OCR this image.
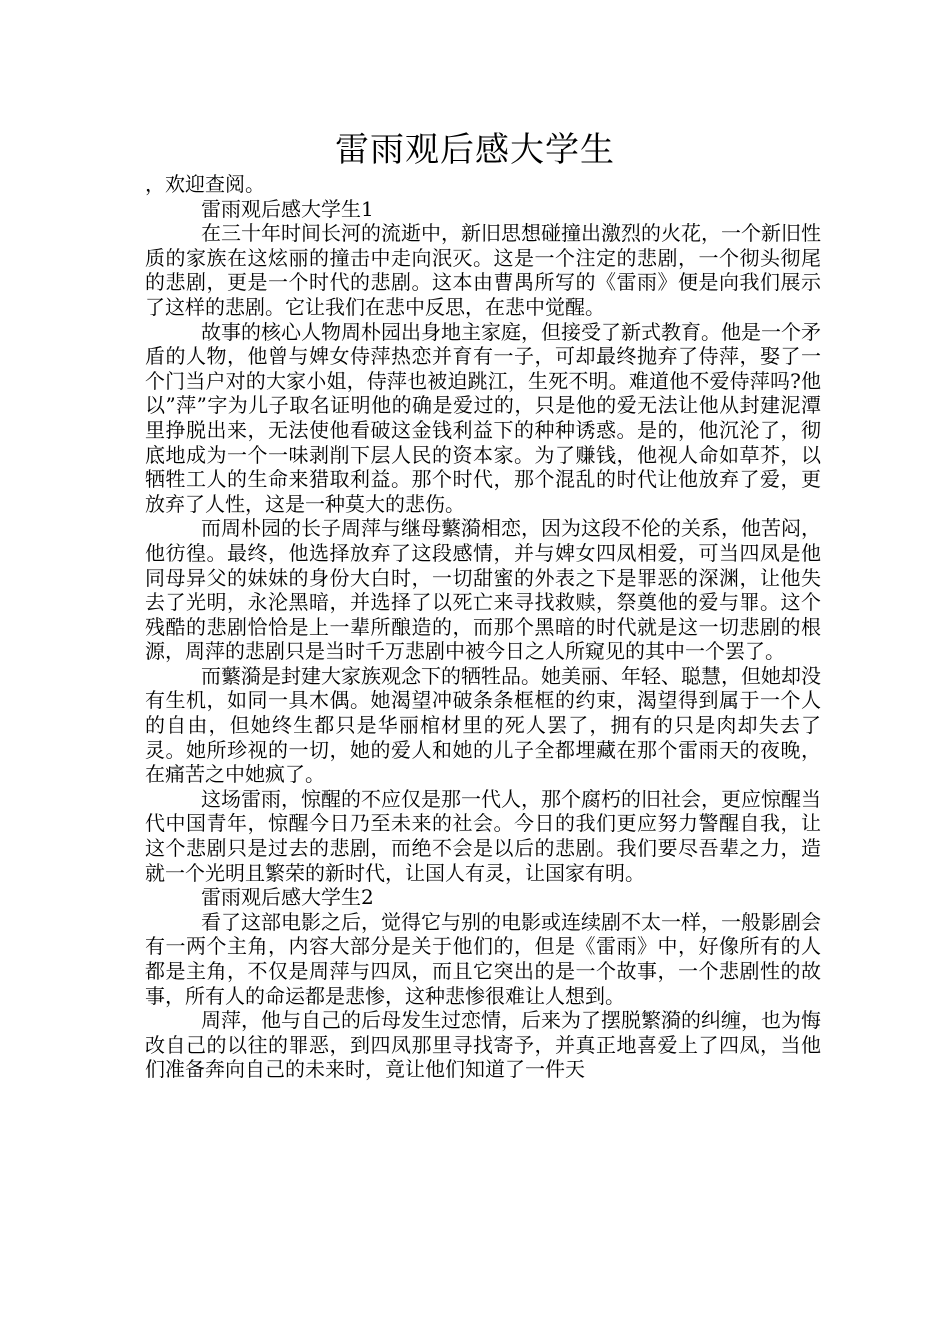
雷雨观后感大学生

，欢迎查阅。

雷雨观后感大学生1

在三十年时间长河的流逝中，新旧思想碰撞出激烈的火花，一个新旧性质的家族在这炫丽的撞击中走向泯灭。这是一个注定的悲剧，一个彻头彻尾的悲剧，更是一个时代的悲剧。这本由曹禺所写的《雷雨》便是向我们展示了这样的悲剧。它让我们在悲中反思，在悲中觉醒。

故事的核心人物周朴园出身地主家庭，但接受了新式教育。他是一个矛盾的人物，他曾与婢女侍萍热恋并育有一子，可却最终抛弃了侍萍，娶了一个门当户对的大家小姐，侍萍也被迫跳江，生死不明。难道他不爱侍萍吗?他以”萍”字为儿子取名证明他的确是爱过的，只是他的爱无法让他从封建泥潭里挣脱出来，无法使他看破这金钱利益下的种种诱惑。是的，他沉沦了，彻底地成为一个一味剥削下层人民的资本家。为了赚钱，他视人命如草芥，以牺牲工人的生命来猎取利益。那个时代，那个混乱的时代让他放弃了爱，更放弃了人性，这是一种莫大的悲伤。

而周朴园的长子周萍与继母蘩漪相恋，因为这段不伦的关系，他苦闷，他彷徨。最终，他选择放弃了这段感情，并与婢女四凤相爱，可当四凤是他同母异父的妹妹的身份大白时，一切甜蜜的外表之下是罪恶的深渊，让他失去了光明，永沦黑暗，并选择了以死亡来寻找救赎，祭奠他的爱与罪。这个残酷的悲剧恰恰是上一辈所酿造的，而那个黑暗的时代就是这一切悲剧的根源，周萍的悲剧只是当时千万悲剧中被今日之人所窥见的其中一个罢了。

而蘩漪是封建大家族观念下的牺牲品。她美丽、年轻、聪慧，但她却没有生机，如同一具木偶。她渴望冲破条条框框的约束，渴望得到属于一个人的自由，但她终生都只是华丽棺材里的死人罢了，拥有的只是肉却失去了灵。她所珍视的一切，她的爱人和她的儿子全都埋藏在那个雷雨天的夜晚，在痛苦之中她疯了。

这场雷雨，惊醒的不应仅是那一代人，那个腐朽的旧社会，更应惊醒当代中国青年，惊醒今日乃至未来的社会。今日的我们更应努力警醒自我，让这个悲剧只是过去的悲剧，而绝不会是以后的悲剧。我们要尽吾辈之力，造就一个光明且繁荣的新时代，让国人有灵，让国家有明。

雷雨观后感大学生2

看了这部电影之后，觉得它与别的电影或连续剧不太一样，一般影剧会有一两个主角，内容大部分是关于他们的，但是《雷雨》中，好像所有的人都是主角，不仅是周萍与四凤，而且它突出的是一个故事，一个悲剧性的故事，所有人的命运都是悲惨，这种悲惨很难让人想到。

周萍，他与自己的后母发生过恋情，后来为了摆脱繁漪的纠缠，也为悔改自己的以往的罪恶，到四凤那里寻找寄予，并真正地喜爱上了四凤，当他们准备奔向自己的未来时，竟让他们知道了一件天
